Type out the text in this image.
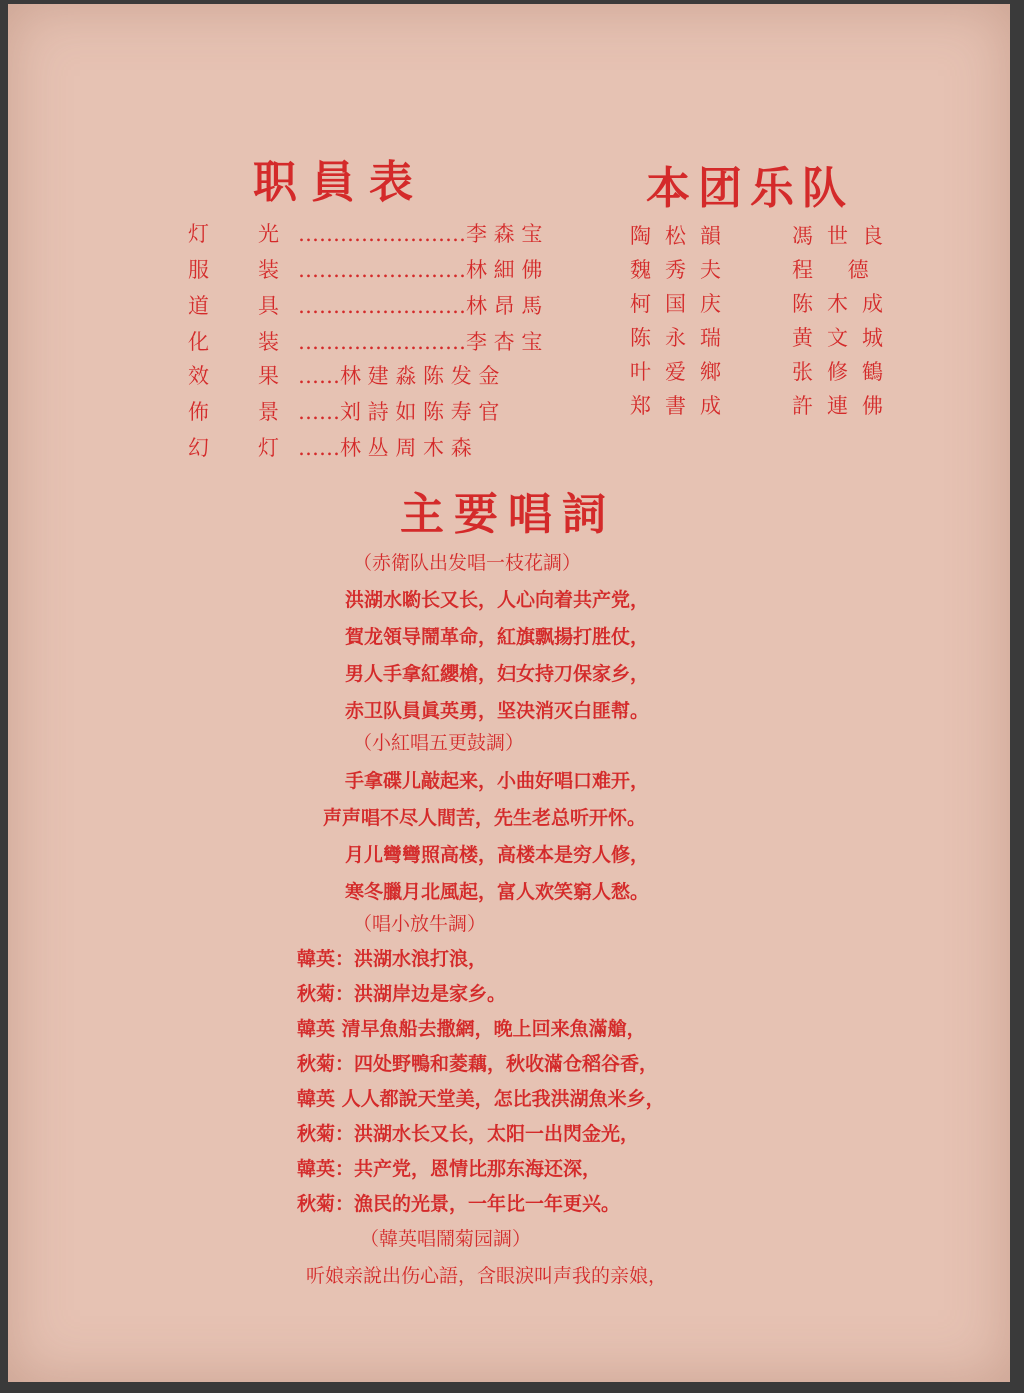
职員表
灯 光 ……………………李 森 宝
服 装 ……………………林 細 佛
道 具 ……………………林 昂 馬
化 装 ……………………李 杏 宝
效 果 ……林 建 淼 陈 发 金
佈 景 ……刘 詩 如 陈 寿 官
幻 灯 ……林 丛 周 木 森
本团乐队
陶松韻
魏秀夫
柯国庆
陈永瑞
叶爱鄉
郑書成
馮世良
程 德
陈木成
黄文城
张修鶴
許連佛
主要唱詞
（赤衛队出发唱一枝花調）
洪湖水喲长又长，人心向着共产党，
賀龙領导鬧革命，紅旗飘揚打胜仗，
男人手拿紅纓槍，妇女持刀保家乡，
赤卫队員眞英勇，坚决消灭白匪幇。
（小紅唱五更鼓調）
手拿碟儿敲起来，小曲好唱口难开，
声声唱不尽人間苦，先生老总听开怀。
月儿彎彎照高楼，高楼本是穷人修，
寒冬臘月北風起，富人欢笑窮人愁。
（唱小放牛調）
韓英：洪湖水浪打浪，
秋菊：洪湖岸边是家乡。
韓英 清早魚船去撒網，晚上回来魚滿艙，
秋菊：四处野鴨和菱藕，秋收滿仓稻谷香，
韓英 人人都說天堂美，怎比我洪湖魚米乡，
秋菊：洪湖水长又长，太阳一出閃金光，
韓英：共产党，恩情比那东海还深，
秋菊：漁民的光景，一年比一年更兴。
（韓英唱鬧菊园調）
听娘亲說出伤心語，含眼淚叫声我的亲娘，
